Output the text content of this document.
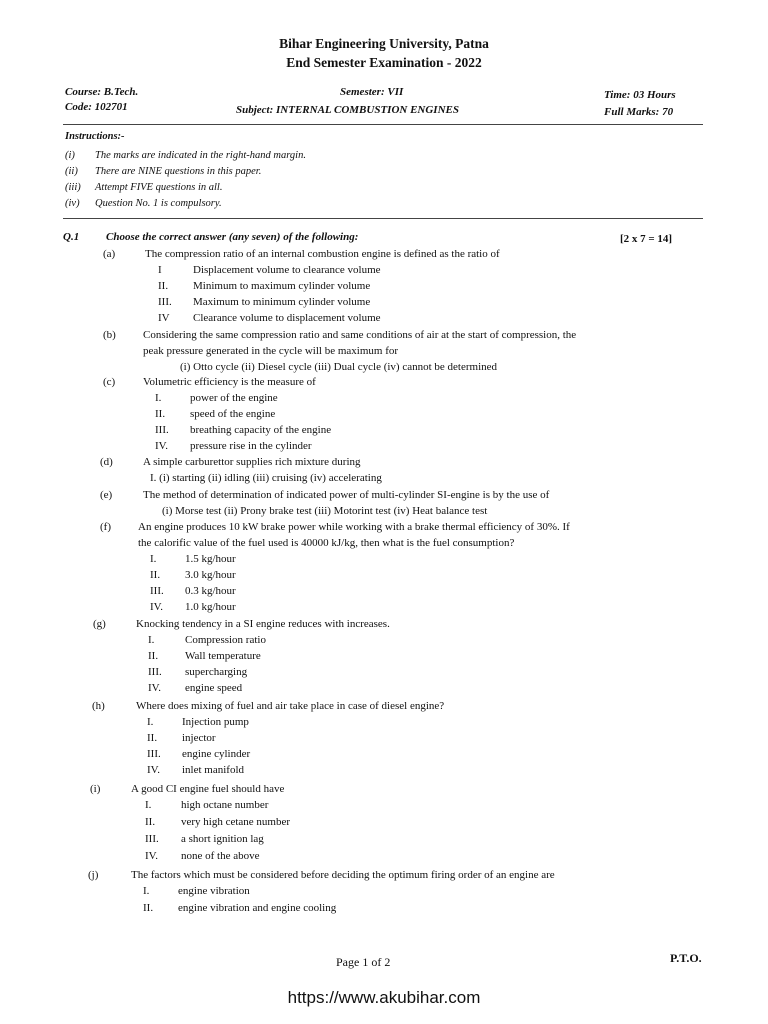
Bihar Engineering University, Patna
End Semester Examination - 2022
Course: B.Tech.
Code: 102701
Semester: VII
Subject: INTERNAL COMBUSTION ENGINES
Time: 03 Hours
Full Marks: 70
Instructions:-
(i) The marks are indicated in the right-hand margin.
(ii) There are NINE questions in this paper.
(iii) Attempt FIVE questions in all.
(iv) Question No. 1 is compulsory.
Q.1 Choose the correct answer (any seven) of the following:	[2 x 7 = 14]
(a)	The compression ratio of an internal combustion engine is defined as the ratio of
I	Displacement volume to clearance volume
II. Minimum to maximum cylinder volume
III. Maximum to minimum cylinder volume
IV Clearance volume to displacement volume
(b) Considering the same compression ratio and same conditions of air at the start of compression, the
peak pressure generated in the cycle will be maximum for
(i) Otto cycle (ii) Diesel cycle (iii) Dual cycle (iv) cannot be determined
(c)	Volumetric efficiency is the measure of
I.	power of the engine
II. speed of the engine
III. breathing capacity of the engine
IV. pressure rise in the cylinder
(d)	A simple carburettor supplies rich mixture during
I. (i) starting (ii) idling (iii) cruising (iv) accelerating
(e)	The method of determination of indicated power of multi-cylinder SI-engine is by the use of
(i) Morse test (ii) Prony brake test (iii) Motorint test (iv) Heat balance test
(f) An engine produces 10 kW brake power while working with a brake thermal efficiency of 30%. If
the calorific value of the fuel used is 40000 kJ/kg, then what is the fuel consumption?
I.	1.5 kg/hour
II. 3.0 kg/hour
III. 0.3 kg/hour
IV. 1.0 kg/hour
(g)	Knocking tendency in a SI engine reduces with increases.
I.	Compression ratio
II. Wall temperature
III. supercharging
IV. engine speed
(h)	Where does mixing of fuel and air take place in case of diesel engine?
I.	Injection pump
II. injector
III. engine cylinder
IV. inlet manifold
(i)	A good CI engine fuel should have
I.	high octane number
II. very high cetane number
III. a short ignition lag
IV. none of the above
(j)	The factors which must be considered before deciding the optimum firing order of an engine are
I.	engine vibration
II. engine vibration and engine cooling
Page 1 of 2	P.T.O.
https://www.akubihar.com
